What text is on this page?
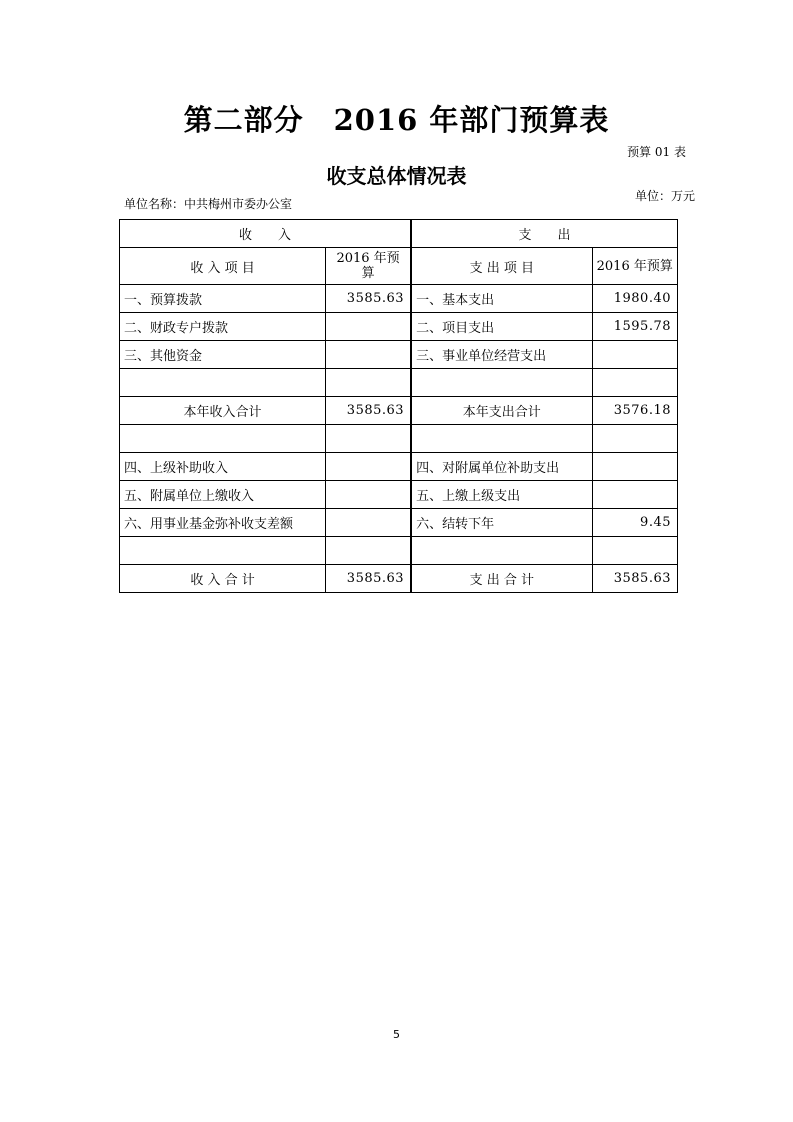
第二部分　2016 年部门预算表
预算 01 表
收支总体情况表
单位名称：中共梅州市委办公室
单位：万元
收　　入		支　　出	
收 入 项 目	2016 年预算	支 出 项 目	2016 年预算
一、预算拨款	3585.63	一、基本支出	1980.40
二、财政专户拨款		二、项目支出	1595.78
三、其他资金		三、事业单位经营支出	

本年收入合计	3585.63	本年支出合计	3576.18

四、上级补助收入		四、对附属单位补助支出	
五、附属单位上缴收入		五、上缴上级支出	
六、用事业基金弥补收支差额		六、结转下年	9.45

收 入 合 计	3585.63	支 出 合 计	3585.63
5
